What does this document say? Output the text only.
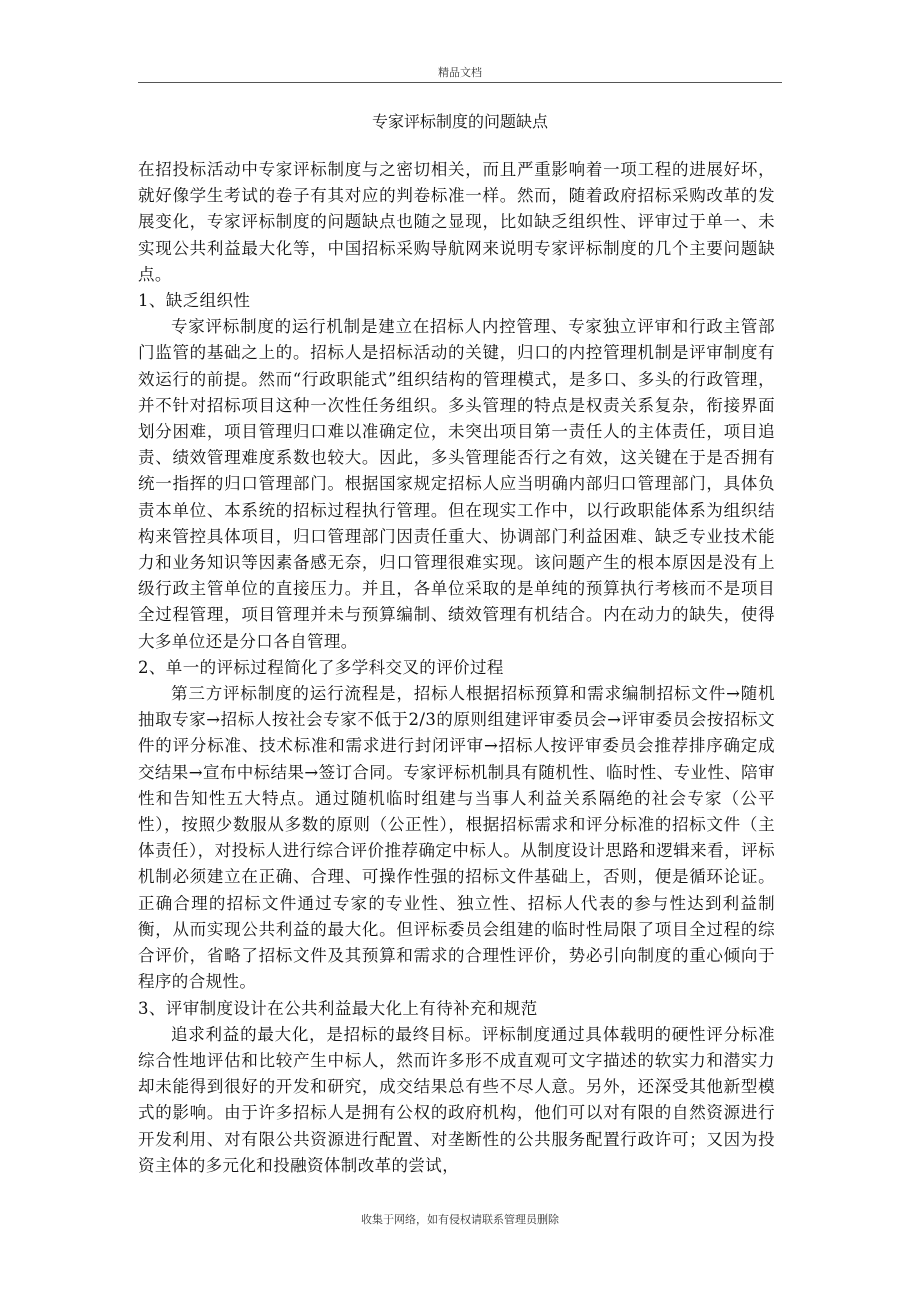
精品文档
专家评标制度的问题缺点

在招投标活动中专家评标制度与之密切相关，而且严重影响着一项工程的进展好坏，就好像学生考试的卷子有其对应的判卷标准一样。然而，随着政府招标采购改革的发展变化，专家评标制度的问题缺点也随之显现，比如缺乏组织性、评审过于单一、未实现公共利益最大化等，中国招标采购导航网来说明专家评标制度的几个主要问题缺点。

1、缺乏组织性

专家评标制度的运行机制是建立在招标人内控管理、专家独立评审和行政主管部门监管的基础之上的。招标人是招标活动的关键，归口的内控管理机制是评审制度有效运行的前提。然而“行政职能式”组织结构的管理模式，是多口、多头的行政管理，并不针对招标项目这种一次性任务组织。多头管理的特点是权责关系复杂，衔接界面划分困难，项目管理归口难以准确定位，未突出项目第一责任人的主体责任，项目追责、绩效管理难度系数也较大。因此，多头管理能否行之有效，这关键在于是否拥有统一指挥的归口管理部门。根据国家规定招标人应当明确内部归口管理部门，具体负责本单位、本系统的招标过程执行管理。但在现实工作中，以行政职能体系为组织结构来管控具体项目，归口管理部门因责任重大、协调部门利益困难、缺乏专业技术能力和业务知识等因素备感无奈，归口管理很难实现。该问题产生的根本原因是没有上级行政主管单位的直接压力。并且，各单位采取的是单纯的预算执行考核而不是项目全过程管理，项目管理并未与预算编制、绩效管理有机结合。内在动力的缺失，使得大多单位还是分口各自管理。

2、单一的评标过程简化了多学科交叉的评价过程

第三方评标制度的运行流程是，招标人根据招标预算和需求编制招标文件→随机抽取专家→招标人按社会专家不低于2/3的原则组建评审委员会→评审委员会按招标文件的评分标准、技术标准和需求进行封闭评审→招标人按评审委员会推荐排序确定成交结果→宣布中标结果→签订合同。专家评标机制具有随机性、临时性、专业性、陪审性和告知性五大特点。通过随机临时组建与当事人利益关系隔绝的社会专家（公平性），按照少数服从多数的原则（公正性），根据招标需求和评分标准的招标文件（主体责任），对投标人进行综合评价推荐确定中标人。从制度设计思路和逻辑来看，评标机制必须建立在正确、合理、可操作性强的招标文件基础上，否则，便是循环论证。正确合理的招标文件通过专家的专业性、独立性、招标人代表的参与性达到利益制衡，从而实现公共利益的最大化。但评标委员会组建的临时性局限了项目全过程的综合评价，省略了招标文件及其预算和需求的合理性评价，势必引向制度的重心倾向于程序的合规性。

3、评审制度设计在公共利益最大化上有待补充和规范

追求利益的最大化，是招标的最终目标。评标制度通过具体载明的硬性评分标准综合性地评估和比较产生中标人，然而许多形不成直观可文字描述的软实力和潜实力却未能得到很好的开发和研究，成交结果总有些不尽人意。另外，还深受其他新型模式的影响。由于许多招标人是拥有公权的政府机构，他们可以对有限的自然资源进行开发利用、对有限公共资源进行配置、对垄断性的公共服务配置行政许可；又因为投资主体的多元化和投融资体制改革的尝试，

收集于网络，如有侵权请联系管理员删除
